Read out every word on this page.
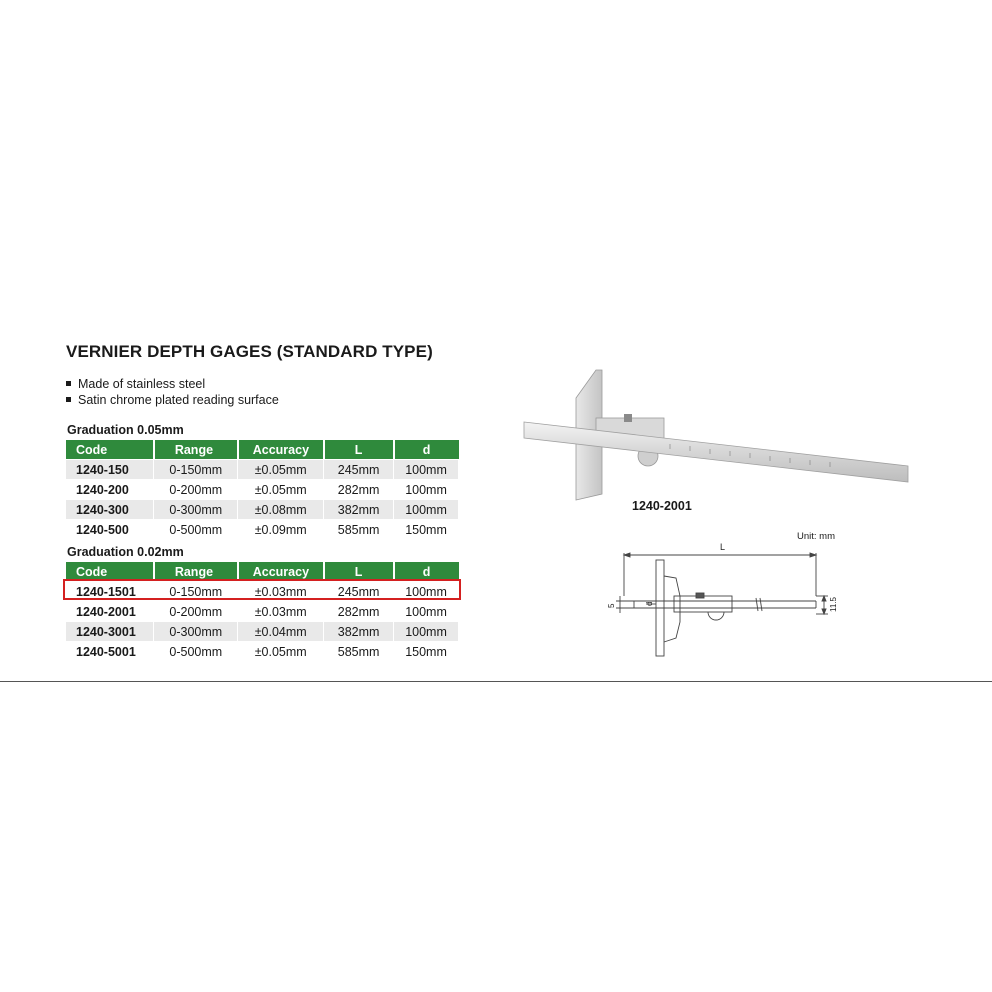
VERNIER DEPTH GAGES (STANDARD TYPE)
Made of stainless steel
Satin chrome plated reading surface
Graduation 0.05mm
Code	Range	Accuracy	L	d
1240-150	0-150mm	±0.05mm	245mm	100mm
1240-200	0-200mm	±0.05mm	282mm	100mm
1240-300	0-300mm	±0.08mm	382mm	100mm
1240-500	0-500mm	±0.09mm	585mm	150mm
Graduation 0.02mm
Code	Range	Accuracy	L	d
1240-1501	0-150mm	±0.03mm	245mm	100mm
1240-2001	0-200mm	±0.03mm	282mm	100mm
1240-3001	0-300mm	±0.04mm	382mm	100mm
1240-5001	0-500mm	±0.05mm	585mm	150mm
1240-2001
Unit: mm
L
d
5	11.5
